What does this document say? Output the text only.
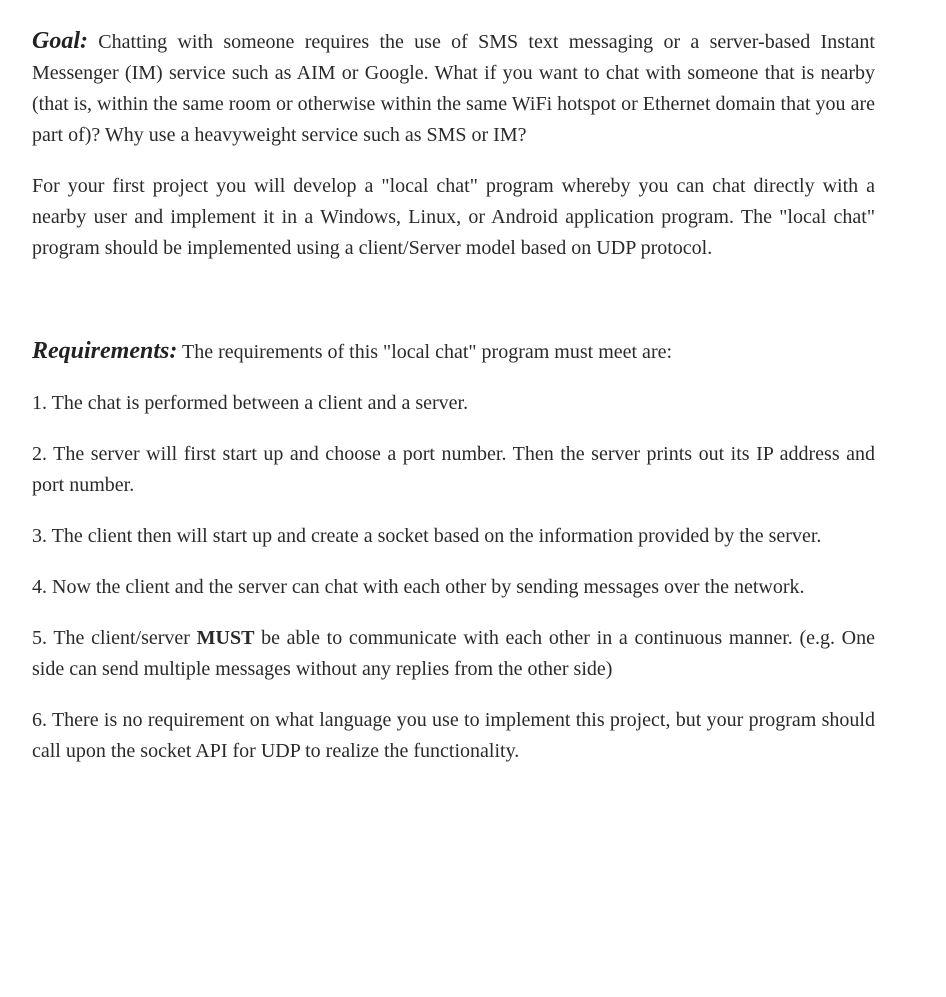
Goal: Chatting with someone requires the use of SMS text messaging or a server-based Instant Messenger (IM) service such as AIM or Google. What if you want to chat with someone that is nearby (that is, within the same room or otherwise within the same WiFi hotspot or Ethernet domain that you are part of)? Why use a heavyweight service such as SMS or IM?

For your first project you will develop a "local chat" program whereby you can chat directly with a nearby user and implement it in a Windows, Linux, or Android application program. The "local chat" program should be implemented using a client/Server model based on UDP protocol.

Requirements: The requirements of this "local chat" program must meet are:

1. The chat is performed between a client and a server.

2. The server will first start up and choose a port number. Then the server prints out its IP address and port number.

3. The client then will start up and create a socket based on the information provided by the server.

4. Now the client and the server can chat with each other by sending messages over the network.

5. The client/server MUST be able to communicate with each other in a continuous manner. (e.g. One side can send multiple messages without any replies from the other side)

6. There is no requirement on what language you use to implement this project, but your program should call upon the socket API for UDP to realize the functionality.
